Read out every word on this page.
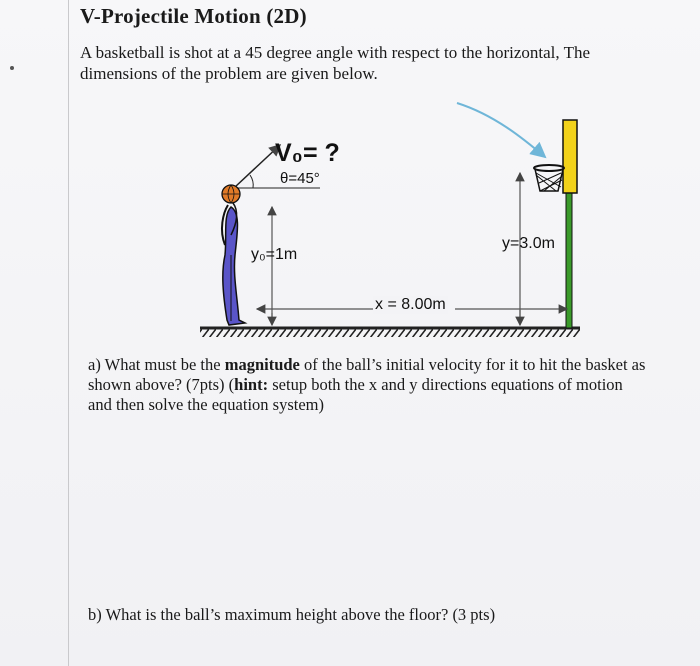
V-Projectile Motion (2D)

A basketball is shot at a 45 degree angle with respect to the horizontal, The dimensions of the problem are given below.

V₀= ?
θ=45°
y₀=1m
y=3.0m
x = 8.00m

a) What must be the magnitude of the ball’s initial velocity for it to hit the basket as shown above? (7pts) (hint: setup both the x and y directions equations of motion and then solve the equation system)

b) What is the ball’s maximum height above the floor? (3 pts)
